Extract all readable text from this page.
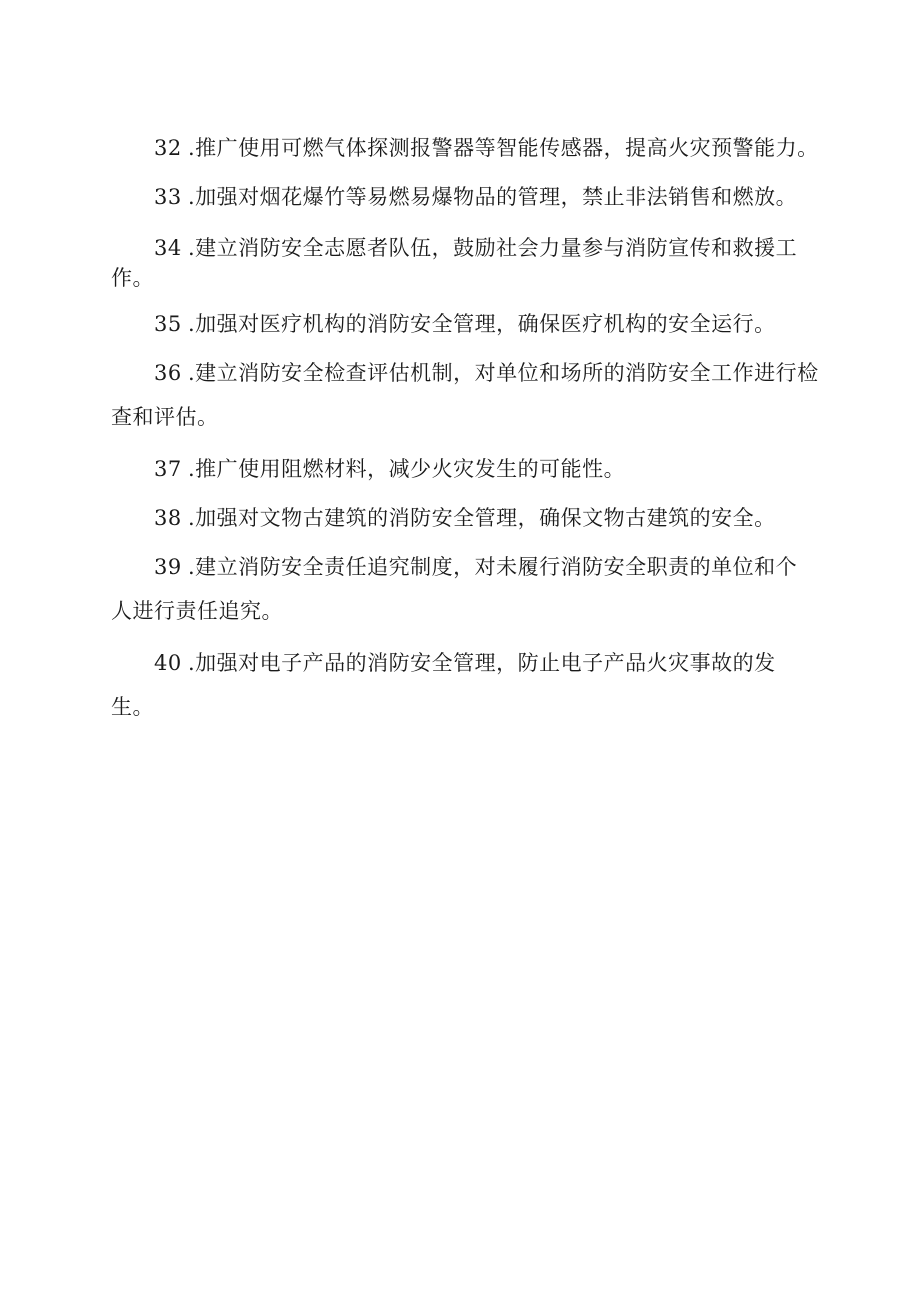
32 .推广使用可燃气体探测报警器等智能传感器，提高火灾预警能力。

33 .加强对烟花爆竹等易燃易爆物品的管理，禁止非法销售和燃放。

34 .建立消防安全志愿者队伍，鼓励社会力量参与消防宣传和救援工
作。

35 .加强对医疗机构的消防安全管理，确保医疗机构的安全运行。

36 .建立消防安全检查评估机制，对单位和场所的消防安全工作进行检
查和评估。

37 .推广使用阻燃材料，减少火灾发生的可能性。

38 .加强对文物古建筑的消防安全管理，确保文物古建筑的安全。

39 .建立消防安全责任追究制度，对未履行消防安全职责的单位和个
人进行责任追究。

40 .加强对电子产品的消防安全管理，防止电子产品火灾事故的发
生。
